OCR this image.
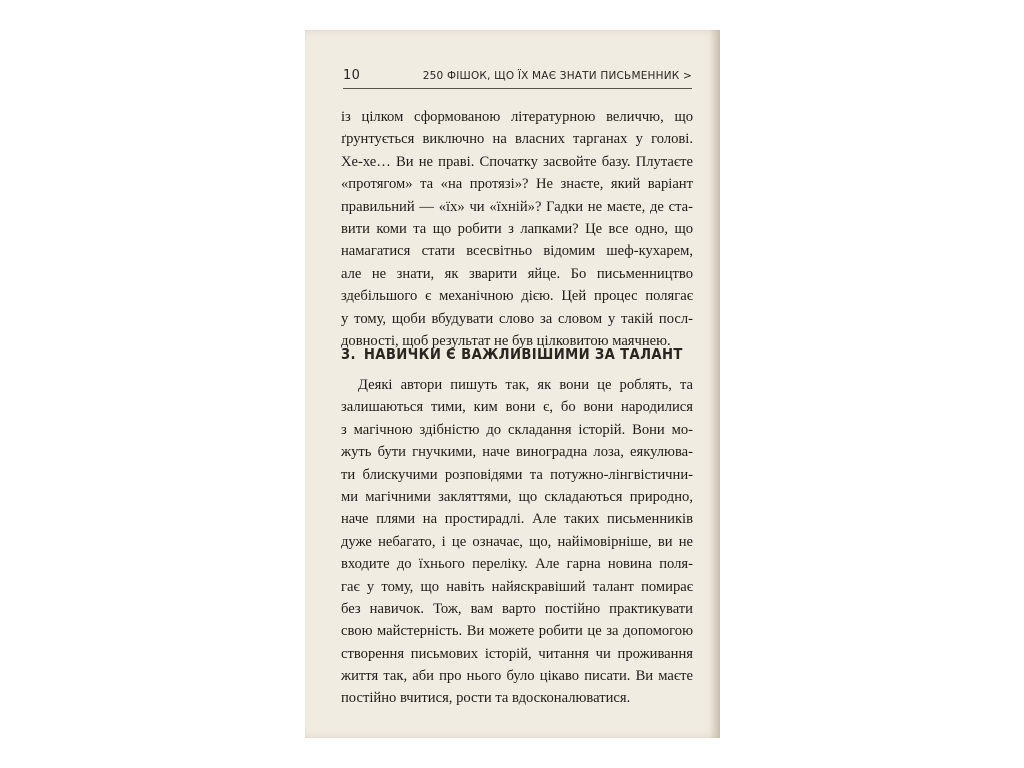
10	250 ФІШОК, ЩО ЇХ МАЄ ЗНАТИ ПИСЬМЕННИК >
із цілком сформованою літературною величчю, що
ґрунтується виключно на власних тарганах у голові.
Хе-хе… Ви не праві. Спочатку засвойте базу. Плутаєте
«протягом» та «на протязі»? Не знаєте, який варіант
правильний — «їх» чи «їхній»? Гадки не маєте, де ста-
вити коми та що робити з лапками? Це все одно, що
намагатися стати всесвітньо відомим шеф-кухарем,
але не знати, як зварити яйце. Бо письменництво
здебільшого є механічною дією. Цей процес полягає
у тому, щоби вбудувати слово за словом у такій посл-
довності, щоб результат не був цілковитою маячнею.
3. НАВИЧКИ Є ВАЖЛИВІШИМИ ЗА ТАЛАНТ
Деякі автори пишуть так, як вони це роблять, та
залишаються тими, ким вони є, бо вони народилися
з магічною здібністю до складання історій. Вони мо-
жуть бути гнучкими, наче виноградна лоза, еякулюва-
ти блискучими розповідями та потужно-лінгвістични-
ми магічними закляттями, що складаються природно,
наче плями на простирадлі. Але таких письменників
дуже небагато, і це означає, що, найімовірніше, ви не
входите до їхнього переліку. Але гарна новина поля-
гає у тому, що навіть найяскравіший талант помирає
без навичок. Тож, вам варто постійно практикувати
свою майстерність. Ви можете робити це за допомогою
створення письмових історій, читання чи проживання
життя так, аби про нього було цікаво писати. Ви маєте
постійно вчитися, рости та вдосконалюватися.
